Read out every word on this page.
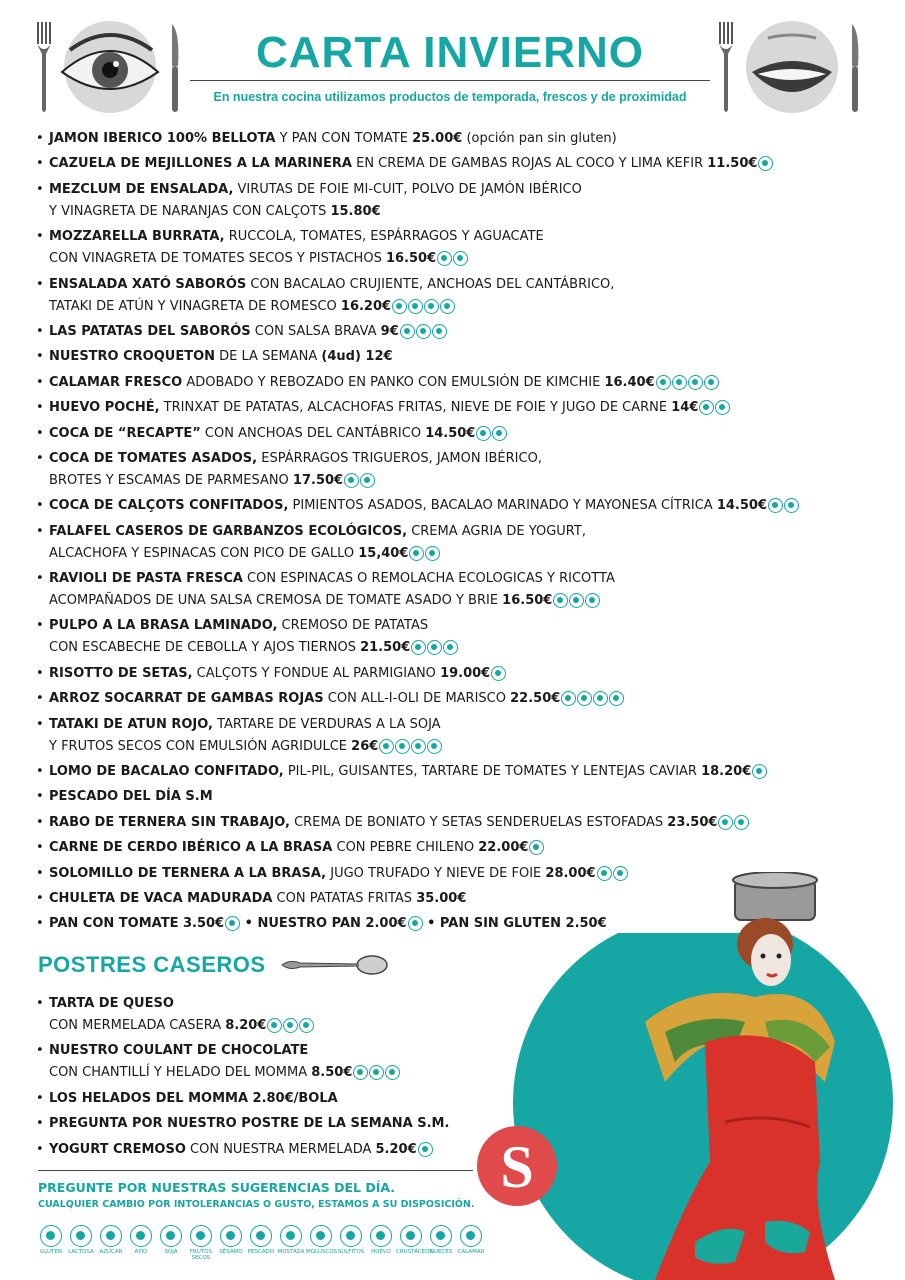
CARTA INVIERNO
En nuestra cocina utilizamos productos de temporada, frescos y de proximidad
• JAMON IBERICO 100% BELLOTA Y PAN CON TOMATE 25.00€ (opción pan sin gluten)
• CAZUELA DE MEJILLONES A LA MARINERA EN CREMA DE GAMBAS ROJAS AL COCO Y LIMA KEFIR 11.50€
• MEZCLUM DE ENSALADA, VIRUTAS DE FOIE MI-CUIT, POLVO DE JAMÓN IBÉRICO
Y VINAGRETA DE NARANJAS CON CALÇOTS 15.80€
• MOZZARELLA BURRATA, RUCCOLA, TOMATES, ESPÁRRAGOS Y AGUACATE
CON VINAGRETA DE TOMATES SECOS Y PISTACHOS 16.50€
• ENSALADA XATÓ SABORÓS CON BACALAO CRUJIENTE, ANCHOAS DEL CANTÁBRICO,
TATAKI DE ATÚN Y VINAGRETA DE ROMESCO 16.20€
• LAS PATATAS DEL SABORÓS CON SALSA BRAVA 9€
• NUESTRO CROQUETON DE LA SEMANA (4ud) 12€
• CALAMAR FRESCO ADOBADO Y REBOZADO EN PANKO CON EMULSIÓN DE KIMCHIE 16.40€
• HUEVO POCHÉ, TRINXAT DE PATATAS, ALCACHOFAS FRITAS, NIEVE DE FOIE Y JUGO DE CARNE 14€
• COCA DE “RECAPTE” CON ANCHOAS DEL CANTÁBRICO 14.50€
• COCA DE TOMATES ASADOS, ESPÁRRAGOS TRIGUEROS, JAMON IBÉRICO,
BROTES Y ESCAMAS DE PARMESANO 17.50€
• COCA DE CALÇOTS CONFITADOS, PIMIENTOS ASADOS, BACALAO MARINADO Y MAYONESA CÍTRICA 14.50€
• FALAFEL CASEROS DE GARBANZOS ECOLÓGICOS, CREMA AGRIA DE YOGURT,
ALCACHOFA Y ESPINACAS CON PICO DE GALLO 15,40€
• RAVIOLI DE PASTA FRESCA CON ESPINACAS O REMOLACHA ECOLOGICAS Y RICOTTA
ACOMPAÑADOS DE UNA SALSA CREMOSA DE TOMATE ASADO Y BRIE 16.50€
• PULPO A LA BRASA LAMINADO, CREMOSO DE PATATAS
CON ESCABECHE DE CEBOLLA Y AJOS TIERNOS 21.50€
• RISOTTO DE SETAS, CALÇOTS Y FONDUE AL PARMIGIANO 19.00€
• ARROZ SOCARRAT DE GAMBAS ROJAS CON ALL-I-OLI DE MARISCO 22.50€
• TATAKI DE ATUN ROJO, TARTARE DE VERDURAS A LA SOJA
Y FRUTOS SECOS CON EMULSIÓN AGRIDULCE 26€
• LOMO DE BACALAO CONFITADO, PIL-PIL, GUISANTES, TARTARE DE TOMATES Y LENTEJAS CAVIAR 18.20€
• PESCADO DEL DÍA S.M
• RABO DE TERNERA SIN TRABAJO, CREMA DE BONIATO Y SETAS SENDERUELAS ESTOFADAS 23.50€
• CARNE DE CERDO IBÉRICO A LA BRASA CON PEBRE CHILENO 22.00€
• SOLOMILLO DE TERNERA A LA BRASA, JUGO TRUFADO Y NIEVE DE FOIE 28.00€
• CHULETA DE VACA MADURADA CON PATATAS FRITAS 35.00€
• PAN CON TOMATE 3.50€ • NUESTRO PAN 2.00€ • PAN SIN GLUTEN 2.50€
S
POSTRES CASEROS
• TARTA DE QUESO
CON MERMELADA CASERA 8.20€
• NUESTRO COULANT DE CHOCOLATE
CON CHANTILLÍ Y HELADO DEL MOMMA 8.50€
• LOS HELADOS DEL MOMMA 2.80€/BOLA
• PREGUNTA POR NUESTRO POSTRE DE LA SEMANA S.M.
• YOGURT CREMOSO CON NUESTRA MERMELADA 5.20€
PREGUNTE POR NUESTRAS SUGERENCIAS DEL DÍA.
CUALQUIER CAMBIO POR INTOLERANCIAS O GUSTO, ESTAMOS A SU DISPOSICIÓN.
GLUTEN	LACTOSA	AZÚCAR	APIO	SOJA	FRUTOS SECOS
SÉSAMO PESCADO MOSTAZA MOLUSCOS SULFITOS	HUEVO CRUSTÁCEOS
NUECES CALAMAR
